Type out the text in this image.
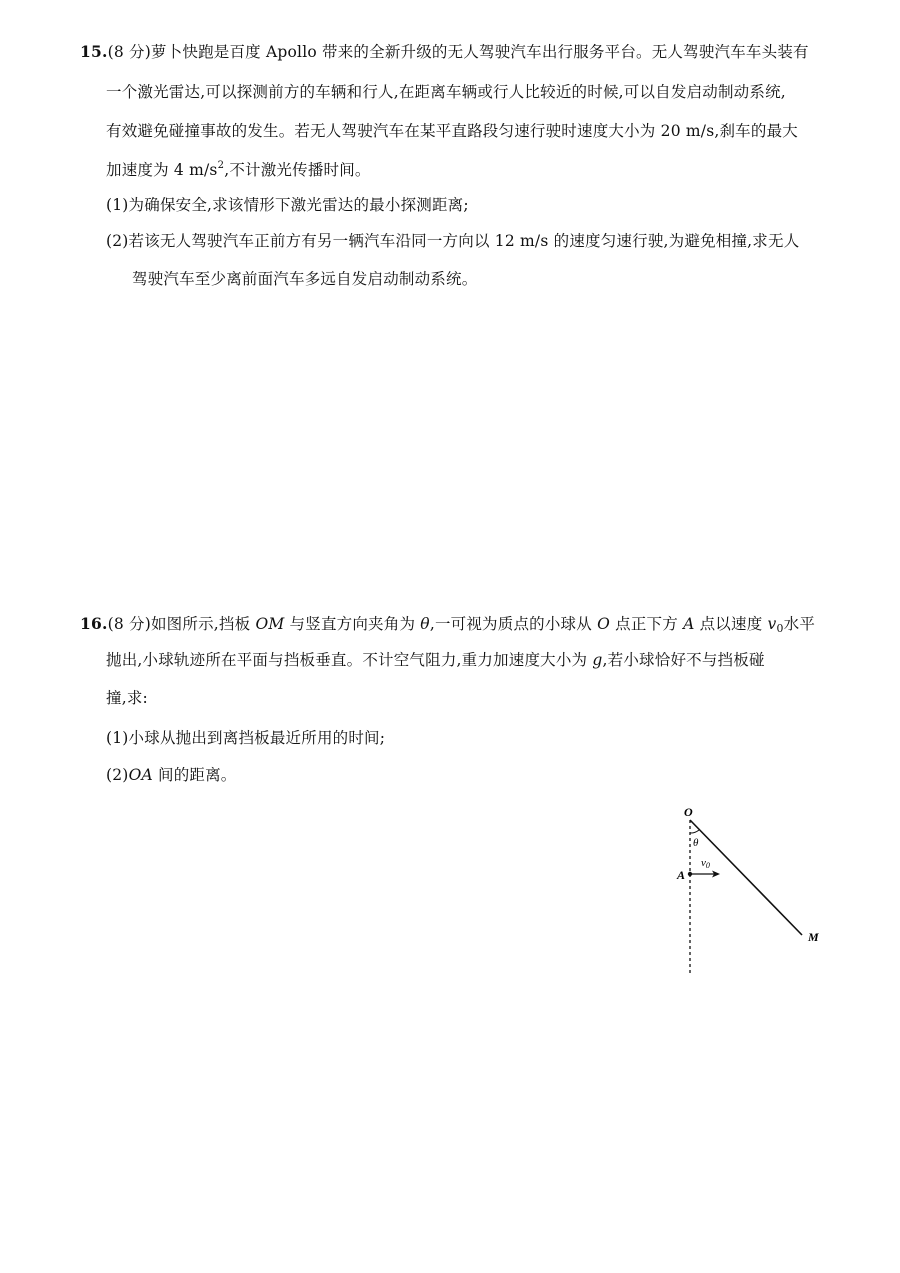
15.(8 分)萝卜快跑是百度 Apollo 带来的全新升级的无人驾驶汽车出行服务平台。无人驾驶汽车车头装有
一个激光雷达,可以探测前方的车辆和行人,在距离车辆或行人比较近的时候,可以自发启动制动系统,
有效避免碰撞事故的发生。若无人驾驶汽车在某平直路段匀速行驶时速度大小为 20 m/s,刹车的最大
加速度为 4 $m/s^2$,不计激光传播时间。
(1)为确保安全,求该情形下激光雷达的最小探测距离;
(2)若该无人驾驶汽车正前方有另一辆汽车沿同一方向以 12 m/s 的速度匀速行驶,为避免相撞,求无人
驾驶汽车至少离前面汽车多远自发启动制动系统。
16.(8 分)如图所示,挡板 OM 与竖直方向夹角为 θ,一可视为质点的小球从 O 点正下方 A 点以速度 $v_0$水平
抛出,小球轨迹所在平面与挡板垂直。不计空气阻力,重力加速度大小为 g,若小球恰好不与挡板碰
撞,求:
(1)小球从抛出到离挡板最近所用的时间;
(2)OA 间的距离。
O
θ
v0
A
M
